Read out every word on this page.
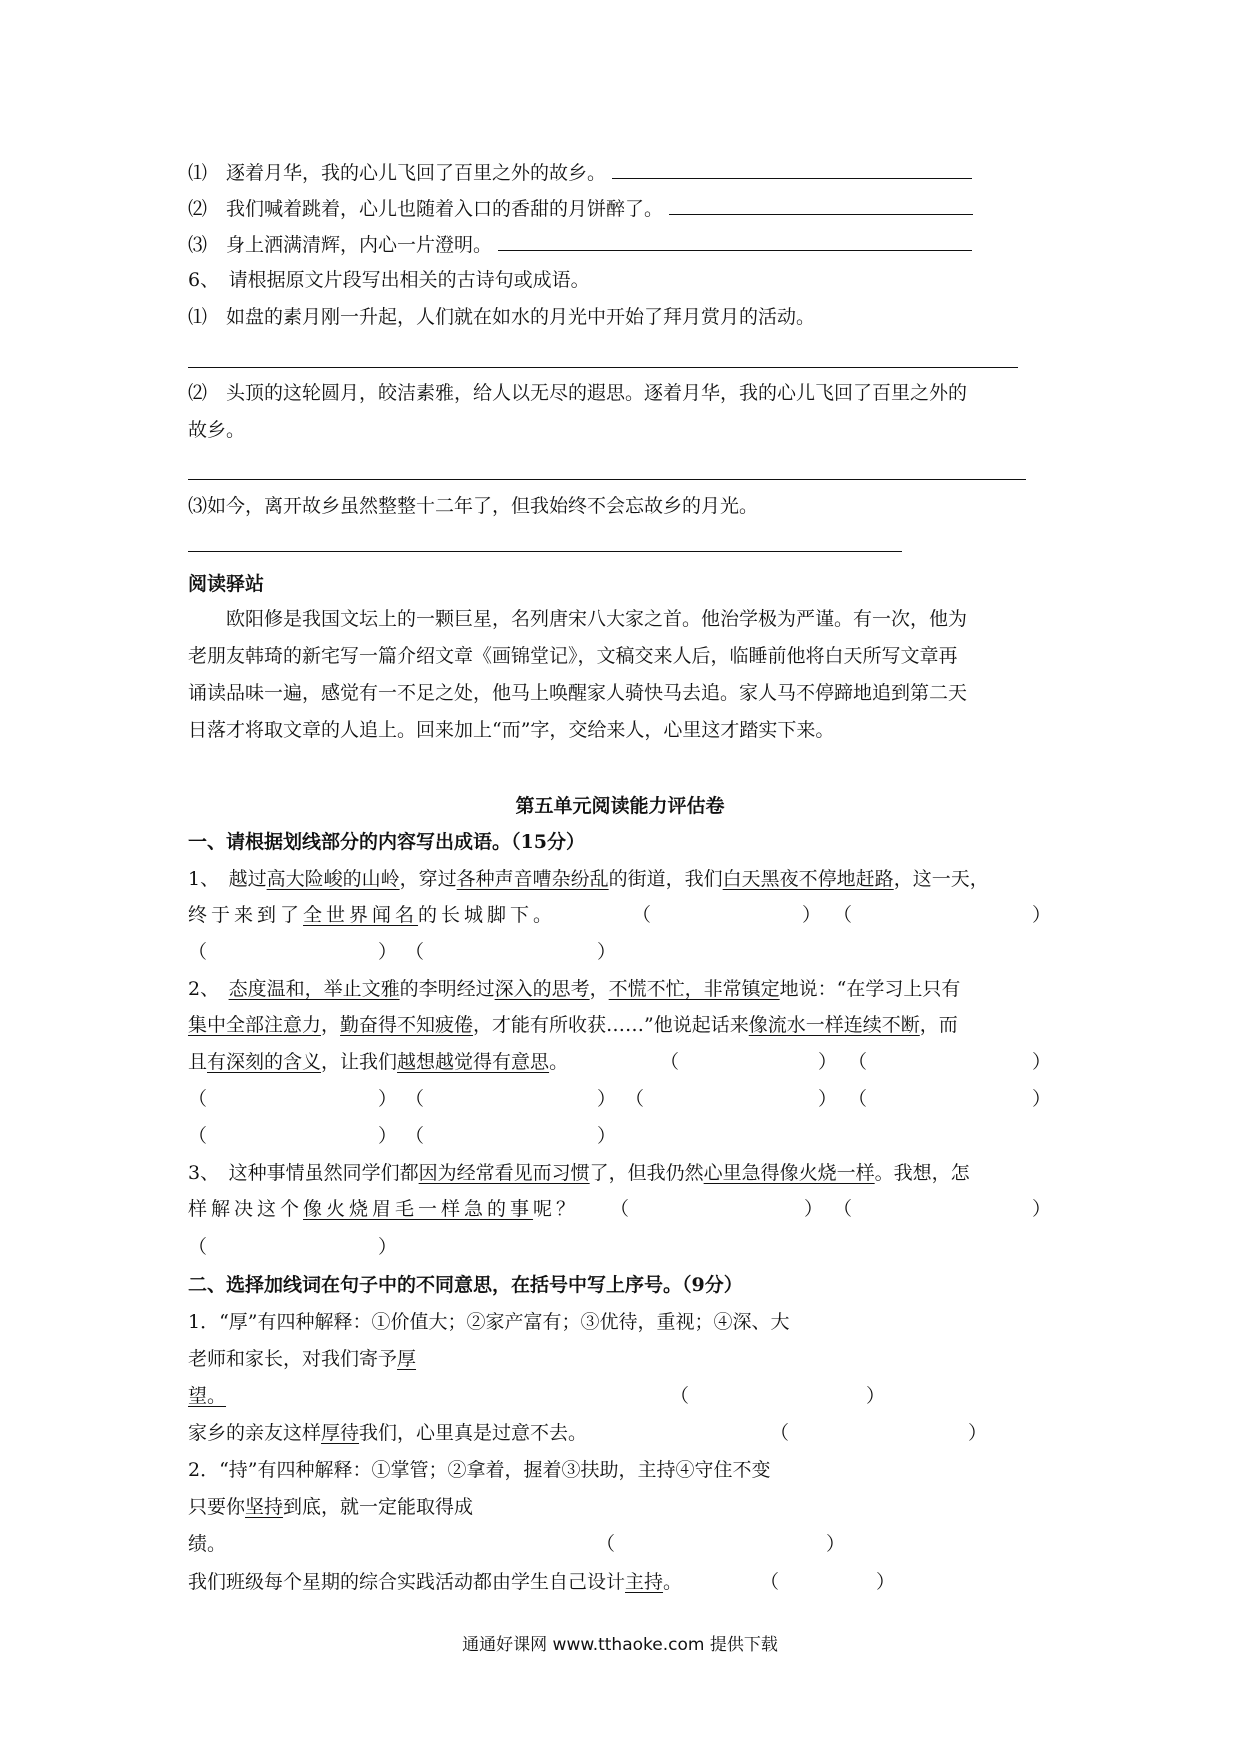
⑴　逐着月华，我的心儿飞回了百里之外的故乡。
⑵　我们喊着跳着，心儿也随着入口的香甜的月饼醉了。
⑶　身上洒满清辉，内心一片澄明。
6、　请根据原文片段写出相关的古诗句或成语。
⑴　如盘的素月刚一升起，人们就在如水的月光中开始了拜月赏月的活动。
⑵　头顶的这轮圆月，皎洁素雅，给人以无尽的遐思。逐着月华，我的心儿飞回了百里之外的
故乡。
⑶如今，离开故乡虽然整整十二年了，但我始终不会忘故乡的月光。
阅读驿站
　　欧阳修是我国文坛上的一颗巨星，名列唐宋八大家之首。他治学极为严谨。有一次，他为
老朋友韩琦的新宅写一篇介绍文章《画锦堂记》，文稿交来人后，临睡前他将白天所写文章再
诵读品味一遍，感觉有一不足之处，他马上唤醒家人骑快马去追。家人马不停蹄地追到第二天
日落才将取文章的人追上。回来加上“而”字，交给来人，心里这才踏实下来。
第五单元阅读能力评估卷
一、请根据划线部分的内容写出成语。（15分）
1、　越过高大险峻的山岭，穿过各种声音嘈杂纷乱的街道，我们白天黑夜不停地赶路，这一天，
终于来到了全世界闻名的长城脚下。	（	） （	）
（	） （	）
2、　态度温和，举止文雅的李明经过深入的思考，不慌不忙，非常镇定地说：“在学习上只有
集中全部注意力，勤奋得不知疲倦，才能有所收获……”他说起话来像流水一样连续不断，而
且有深刻的含义，让我们越想越觉得有意思。	（	） （	）
（	） （	） （	） （	）
（	） （	）
3、　这种事情虽然同学们都因为经常看见而习惯了，但我仍然心里急得像火烧一样。我想，怎
样解决这个像火烧眉毛一样急的事呢？ （	） （	）
（	）
二、选择加线词在句子中的不同意思，在括号中写上序号。（9分）
1．“厚”有四种解释：①价值大；②家产富有；③优待，重视；④深、大
老师和家长，对我们寄予厚
望。	（	）
家乡的亲友这样厚待我们，心里真是过意不去。	（	）
2．“持”有四种解释：①掌管；②拿着，握着③扶助，主持④守住不变
只要你坚持到底，就一定能取得成
绩。	（	）
我们班级每个星期的综合实践活动都由学生自己设计主持。	（	）
通通好课网 www.tthaoke.com 提供下载
